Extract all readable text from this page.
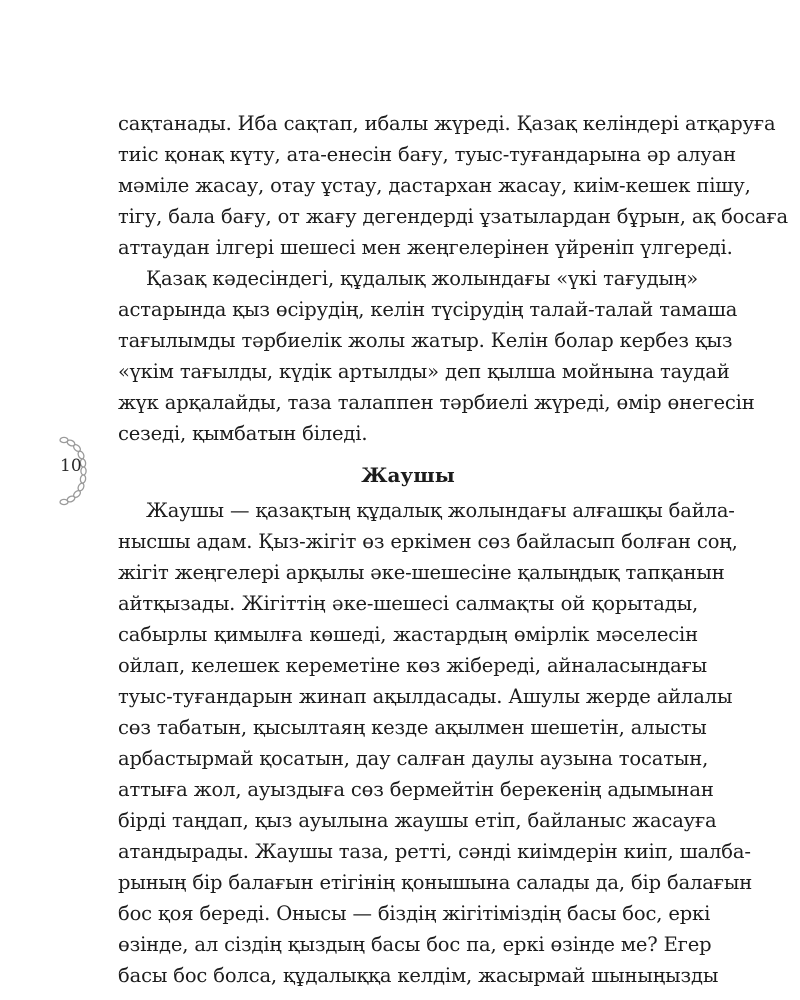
10
сақтанады. Иба сақтап, ибалы жүреді. Қазақ келіндері атқаруға
тиіс қонақ күту, ата-енесін бағу, туыс-туғандарына әр алуан
мәміле жасау, отау ұстау, дастархан жасау, киім-кешек пішу,
тігу, бала бағу, от жағу дегендерді ұзатылардан бұрын, ақ босаға
аттаудан ілгері шешесі мен жеңгелерінен үйреніп үлгереді.
Қазақ кәдесіндегі, құдалық жолындағы «үкі тағудың»
астарында қыз өсірудің, келін түсірудің талай-талай тамаша
тағылымды тәрбиелік жолы жатыр. Келін болар кербез қыз
«үкім тағылды, күдік артылды» деп қылша мойнына таудай
жүк арқалайды, таза талаппен тәрбиелі жүреді, өмір өнегесін
сезеді, қымбатын біледі.
Жаушы
Жаушы — қазақтың құдалық жолындағы алғашқы байла-
нысшы адам. Қыз-жігіт өз еркімен сөз байласып болған соң,
жігіт жеңгелері арқылы әке-шешесіне қалыңдық тапқанын
айтқызады. Жігіттің әке-шешесі салмақты ой қорытады,
сабырлы қимылға көшеді, жастардың өмірлік мәселесін
ойлап, келешек кереметіне көз жібереді, айналасындағы
туыс-туғандарын жинап ақылдасады. Ашулы жерде айлалы
сөз табатын, қысылтаяң кезде ақылмен шешетін, алысты
арбастырмай қосатын, дау салған даулы аузына тосатын,
аттыға жол, ауыздыға сөз бермейтін берекенің адымынан
бірді таңдап, қыз ауылына жаушы етіп, байланыс жасауға
атандырады. Жаушы таза, ретті, сәнді киімдерін киіп, шалба-
рының бір балағын етігінің қонышына салады да, бір балағын
бос қоя береді. Онысы — біздің жігітіміздің басы бос, еркі
өзінде, ал сіздің қыздың басы бос па, еркі өзінде ме? Егер
басы бос болса, құдалыққа келдім, жасырмай шыныңызды
